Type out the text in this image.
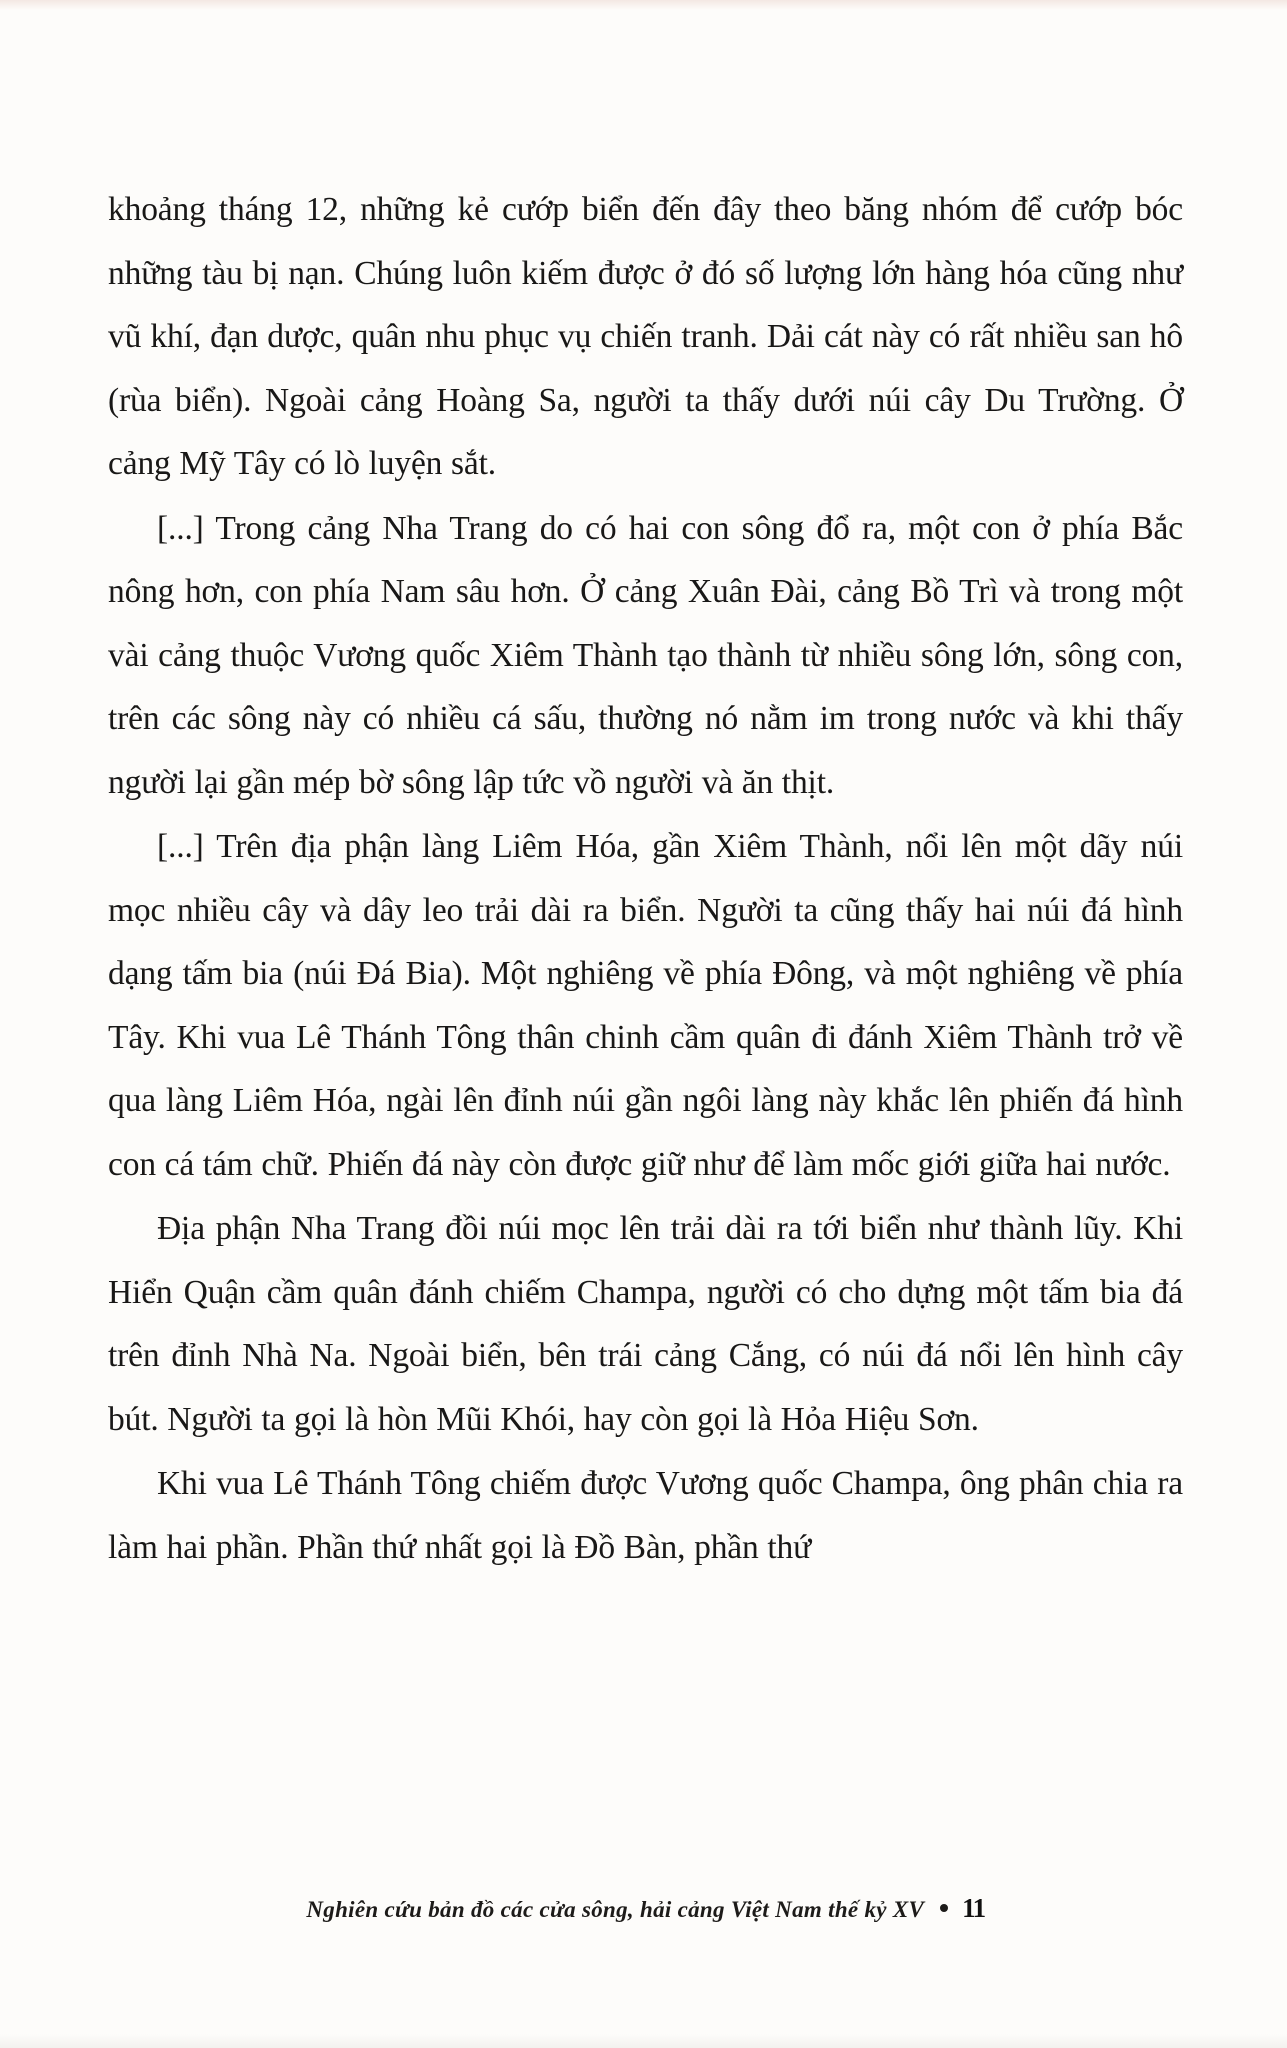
khoảng tháng 12, những kẻ cướp biển đến đây theo băng nhóm để cướp bóc những tàu bị nạn. Chúng luôn kiếm được ở đó số lượng lớn hàng hóa cũng như vũ khí, đạn dược, quân nhu phục vụ chiến tranh. Dải cát này có rất nhiều san hô (rùa biển). Ngoài cảng Hoàng Sa, người ta thấy dưới núi cây Du Trường. Ở cảng Mỹ Tây có lò luyện sắt.

[...] Trong cảng Nha Trang do có hai con sông đổ ra, một con ở phía Bắc nông hơn, con phía Nam sâu hơn. Ở cảng Xuân Đài, cảng Bồ Trì và trong một vài cảng thuộc Vương quốc Xiêm Thành tạo thành từ nhiều sông lớn, sông con, trên các sông này có nhiều cá sấu, thường nó nằm im trong nước và khi thấy người lại gần mép bờ sông lập tức vồ người và ăn thịt.

[...] Trên địa phận làng Liêm Hóa, gần Xiêm Thành, nổi lên một dãy núi mọc nhiều cây và dây leo trải dài ra biển. Người ta cũng thấy hai núi đá hình dạng tấm bia (núi Đá Bia). Một nghiêng về phía Đông, và một nghiêng về phía Tây. Khi vua Lê Thánh Tông thân chinh cầm quân đi đánh Xiêm Thành trở về qua làng Liêm Hóa, ngài lên đỉnh núi gần ngôi làng này khắc lên phiến đá hình con cá tám chữ. Phiến đá này còn được giữ như để làm mốc giới giữa hai nước.

Địa phận Nha Trang đồi núi mọc lên trải dài ra tới biển như thành lũy. Khi Hiển Quận cầm quân đánh chiếm Champa, người có cho dựng một tấm bia đá trên đỉnh Nhà Na. Ngoài biển, bên trái cảng Cắng, có núi đá nổi lên hình cây bút. Người ta gọi là hòn Mũi Khói, hay còn gọi là Hỏa Hiệu Sơn.

Khi vua Lê Thánh Tông chiếm được Vương quốc Champa, ông phân chia ra làm hai phần. Phần thứ nhất gọi là Đồ Bàn, phần thứ

Nghiên cứu bản đồ các cửa sông, hải cảng Việt Nam thế kỷ XV 11
